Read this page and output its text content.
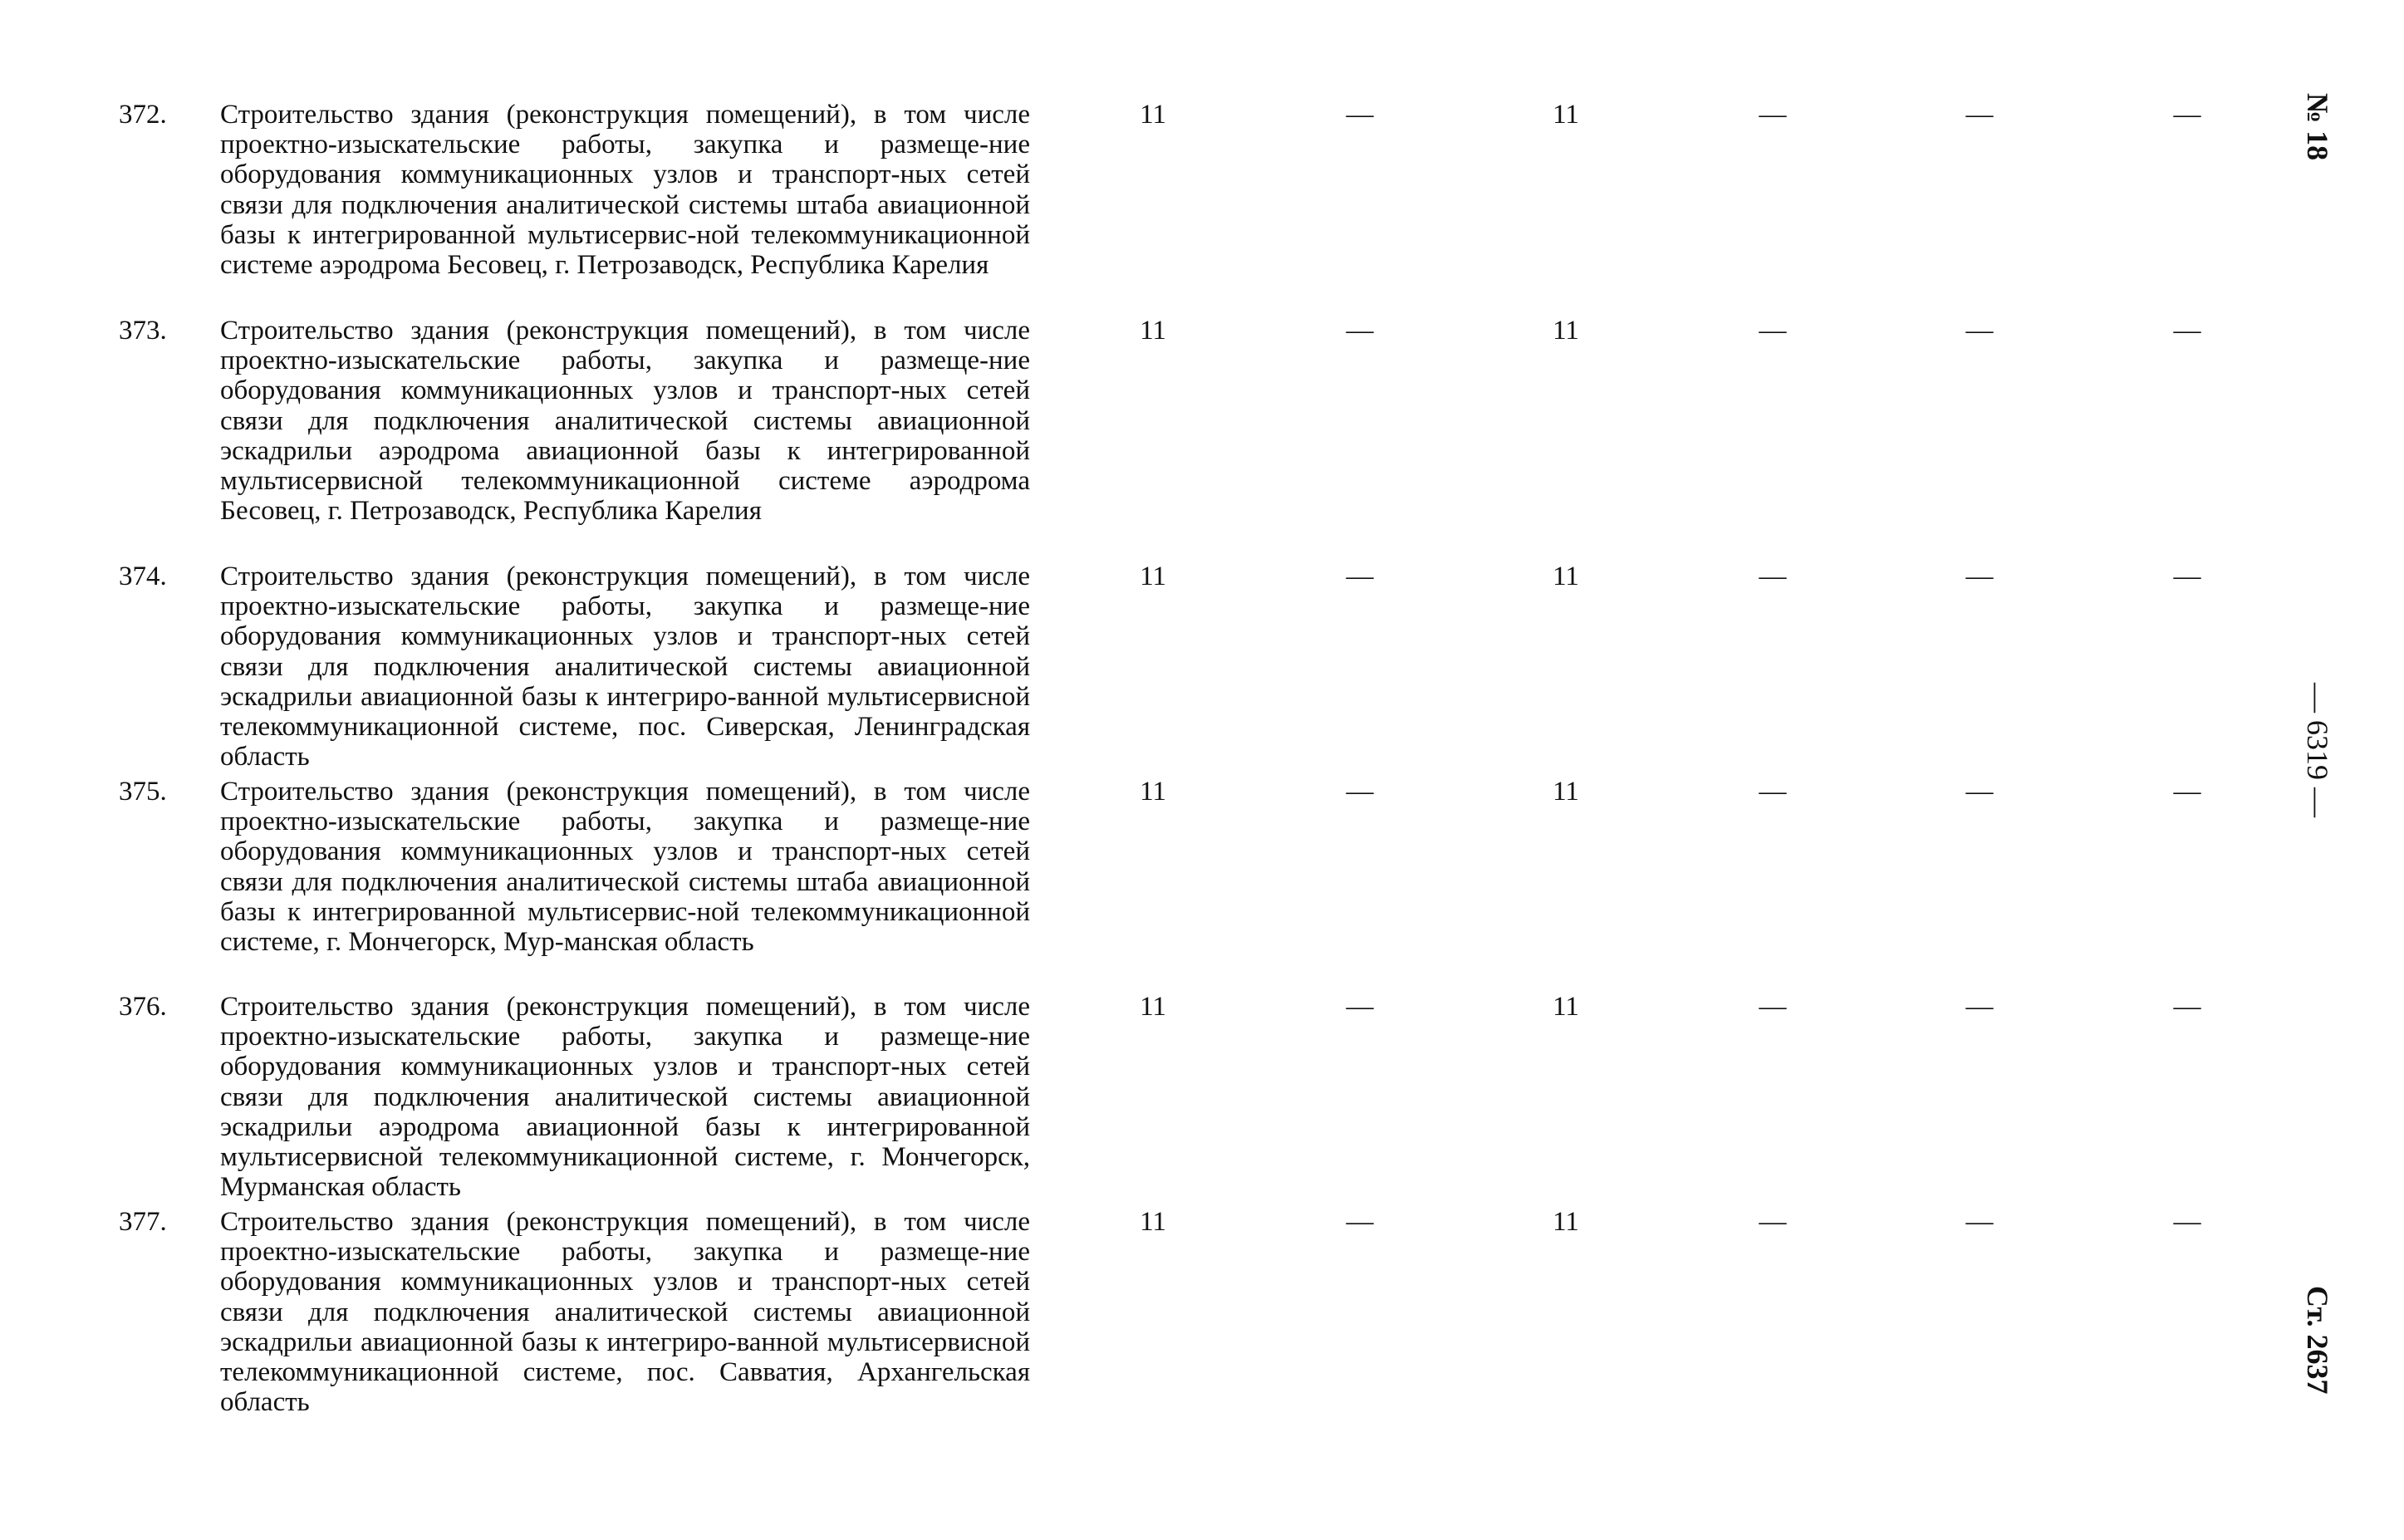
372. Строительство здания (реконструкция помещений), в том числе проектно-изыскательские работы, закупка и размеще-ние оборудования коммуникационных узлов и транспорт-ных сетей связи для подключения аналитической системы штаба авиационной базы к интегрированной мультисервис-ной телекоммуникационной системе аэродрома Бесовец, г. Петрозаводск, Республика Карелия
11	—	11	—	—	—
373. Строительство здания (реконструкция помещений), в том числе проектно-изыскательские работы, закупка и размеще-ние оборудования коммуникационных узлов и транспорт-ных сетей связи для подключения аналитической системы авиационной эскадрильи аэродрома авиационной базы к интегрированной мультисервисной телекоммуникационной системе аэродрома Бесовец, г. Петрозаводск, Республика Карелия
11	—	11	—	—	—
374. Строительство здания (реконструкция помещений), в том числе проектно-изыскательские работы, закупка и размеще-ние оборудования коммуникационных узлов и транспорт-ных сетей связи для подключения аналитической системы авиационной эскадрильи авиационной базы к интегриро-ванной мультисервисной телекоммуникационной системе, пос. Сиверская, Ленинградская область
11	—	11	—	—	—
375. Строительство здания (реконструкция помещений), в том числе проектно-изыскательские работы, закупка и размеще-ние оборудования коммуникационных узлов и транспорт-ных сетей связи для подключения аналитической системы штаба авиационной базы к интегрированной мультисервис-ной телекоммуникационной системе, г. Мончегорск, Мур-манская область
11	—	11	—	—	—
376. Строительство здания (реконструкция помещений), в том числе проектно-изыскательские работы, закупка и размеще-ние оборудования коммуникационных узлов и транспорт-ных сетей связи для подключения аналитической системы авиационной эскадрильи аэродрома авиационной базы к интегрированной мультисервисной телекоммуникационной системе, г. Мончегорск, Мурманская область
11	—	11	—	—	—
377. Строительство здания (реконструкция помещений), в том числе проектно-изыскательские работы, закупка и размеще-ние оборудования коммуникационных узлов и транспорт-ных сетей связи для подключения аналитической системы авиационной эскадрильи авиационной базы к интегриро-ванной мультисервисной телекоммуникационной системе, пос. Савватия, Архангельская область
11	—	11	—	—	—
№ 18
— 6319 —
Ст. 2637
